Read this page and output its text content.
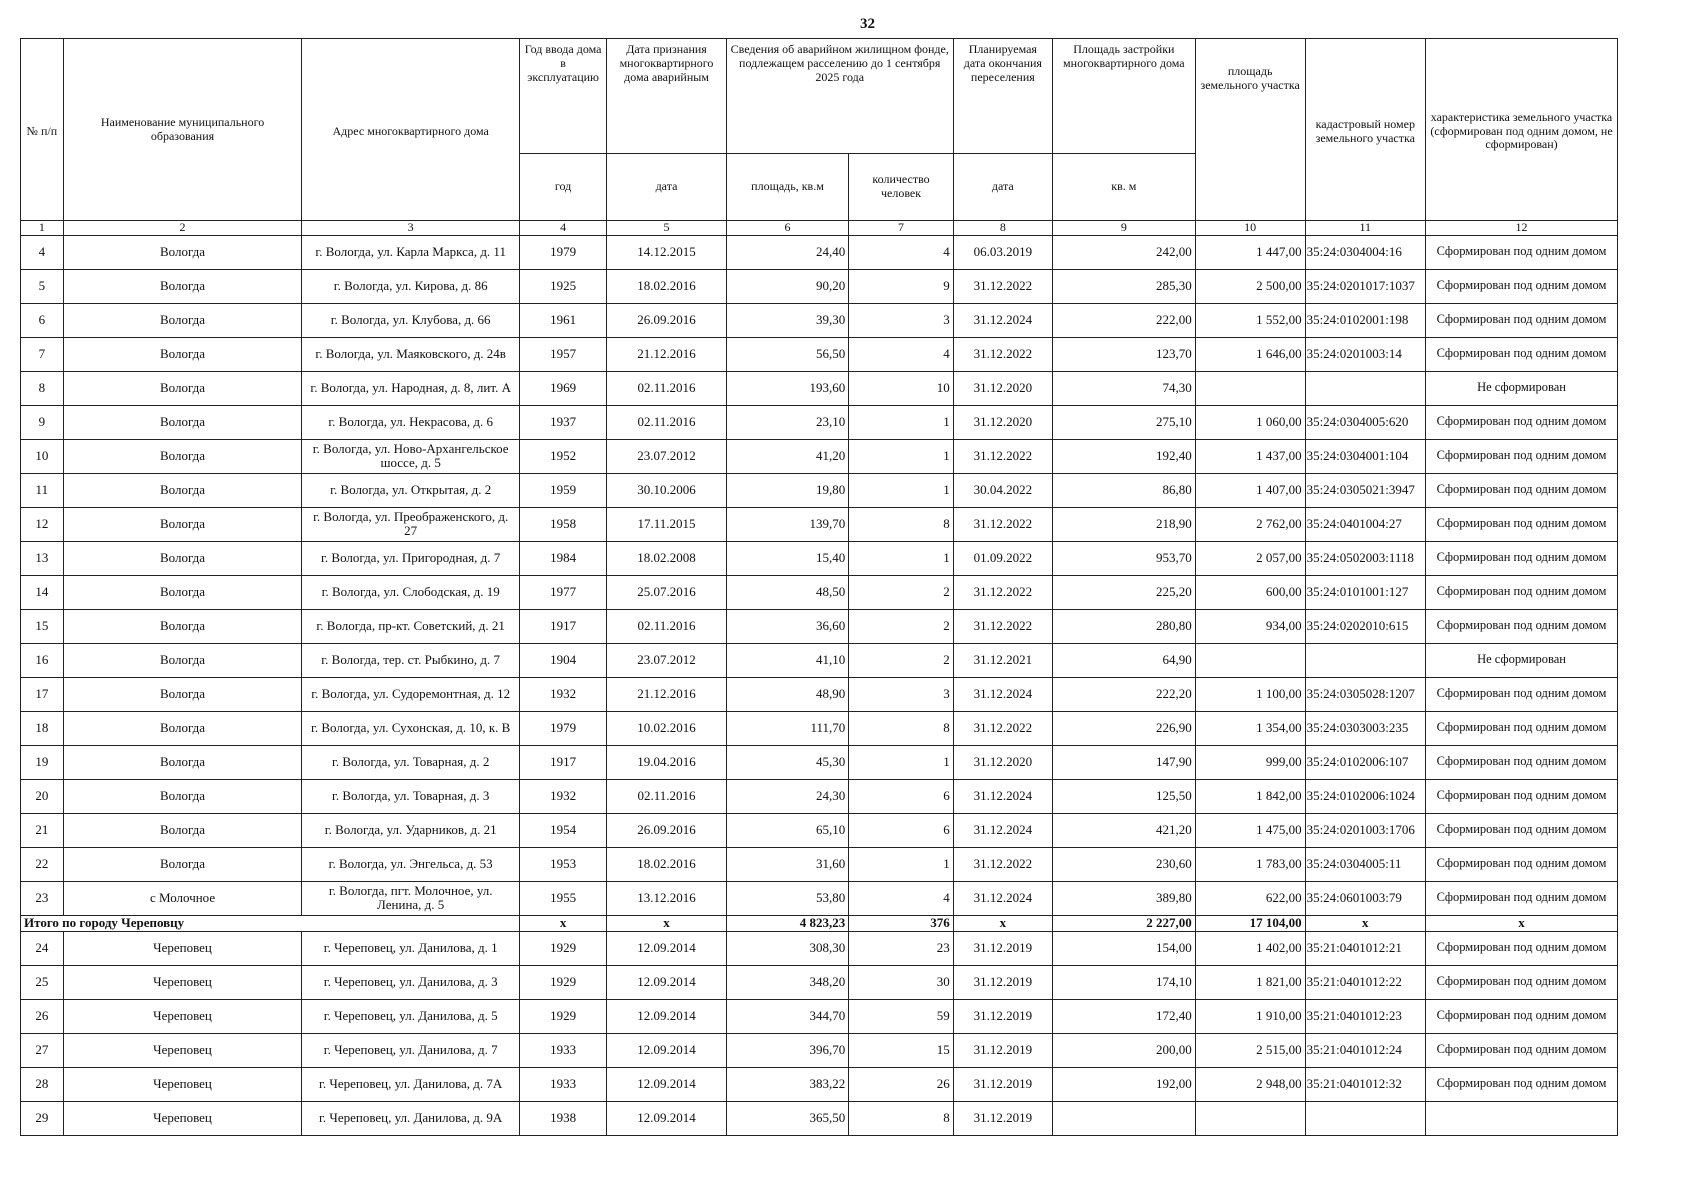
32
№ п/п	Наименование муниципального образования	Адрес многоквартирного дома	Год ввода дома в эксплуатацию	Дата признания многоквартирного дома аварийным	Сведения об аварийном жилищном фонде, подлежащем расселению до 1 сентября 2025 года		Планируемая дата окончания переселения	Площадь застройки многоквартирного дома	площадь земельного участка	кадастровый номер земельного участка	характеристика земельного участка (сформирован под одним домом, не сформирован)
			год	дата	площадь, кв.м	количество человек	дата	кв. м			
1	2	3	4	5	6	7	8	9	10	11	12
4	Вологда	г. Вологда, ул. Карла Маркса, д. 11	1979	14.12.2015	24,40	4	06.03.2019	242,00	1 447,00	35:24:0304004:16	Сформирован под одним домом
5	Вологда	г. Вологда, ул. Кирова, д. 86	1925	18.02.2016	90,20	9	31.12.2022	285,30	2 500,00	35:24:0201017:1037	Сформирован под одним домом
6	Вологда	г. Вологда, ул. Клубова, д. 66	1961	26.09.2016	39,30	3	31.12.2024	222,00	1 552,00	35:24:0102001:198	Сформирован под одним домом
7	Вологда	г. Вологда, ул. Маяковского, д. 24в	1957	21.12.2016	56,50	4	31.12.2022	123,70	1 646,00	35:24:0201003:14	Сформирован под одним домом
8	Вологда	г. Вологда, ул. Народная, д. 8, лит. А	1969	02.11.2016	193,60	10	31.12.2020	74,30			Не сформирован
9	Вологда	г. Вологда, ул. Некрасова, д. 6	1937	02.11.2016	23,10	1	31.12.2020	275,10	1 060,00	35:24:0304005:620	Сформирован под одним домом
10	Вологда	г. Вологда, ул. Ново-Архангельское шоссе, д. 5	1952	23.07.2012	41,20	1	31.12.2022	192,40	1 437,00	35:24:0304001:104	Сформирован под одним домом
11	Вологда	г. Вологда, ул. Открытая, д. 2	1959	30.10.2006	19,80	1	30.04.2022	86,80	1 407,00	35:24:0305021:3947	Сформирован под одним домом
12	Вологда	г. Вологда, ул. Преображенского, д. 27	1958	17.11.2015	139,70	8	31.12.2022	218,90	2 762,00	35:24:0401004:27	Сформирован под одним домом
13	Вологда	г. Вологда, ул. Пригородная, д. 7	1984	18.02.2008	15,40	1	01.09.2022	953,70	2 057,00	35:24:0502003:1118	Сформирован под одним домом
14	Вологда	г. Вологда, ул. Слободская, д. 19	1977	25.07.2016	48,50	2	31.12.2022	225,20	600,00	35:24:0101001:127	Сформирован под одним домом
15	Вологда	г. Вологда, пр-кт. Советский, д. 21	1917	02.11.2016	36,60	2	31.12.2022	280,80	934,00	35:24:0202010:615	Сформирован под одним домом
16	Вологда	г. Вологда, тер. ст. Рыбкино, д. 7	1904	23.07.2012	41,10	2	31.12.2021	64,90			Не сформирован
17	Вологда	г. Вологда, ул. Судоремонтная, д. 12	1932	21.12.2016	48,90	3	31.12.2024	222,20	1 100,00	35:24:0305028:1207	Сформирован под одним домом
18	Вологда	г. Вологда, ул. Сухонская, д. 10, к. В	1979	10.02.2016	111,70	8	31.12.2022	226,90	1 354,00	35:24:0303003:235	Сформирован под одним домом
19	Вологда	г. Вологда, ул. Товарная, д. 2	1917	19.04.2016	45,30	1	31.12.2020	147,90	999,00	35:24:0102006:107	Сформирован под одним домом
20	Вологда	г. Вологда, ул. Товарная, д. 3	1932	02.11.2016	24,30	6	31.12.2024	125,50	1 842,00	35:24:0102006:1024	Сформирован под одним домом
21	Вологда	г. Вологда, ул. Ударников, д. 21	1954	26.09.2016	65,10	6	31.12.2024	421,20	1 475,00	35:24:0201003:1706	Сформирован под одним домом
22	Вологда	г. Вологда, ул. Энгельса, д. 53	1953	18.02.2016	31,60	1	31.12.2022	230,60	1 783,00	35:24:0304005:11	Сформирован под одним домом
23	с Молочное	г. Вологда, пгт. Молочное, ул. Ленина, д. 5	1955	13.12.2016	53,80	4	31.12.2024	389,80	622,00	35:24:0601003:79	Сформирован под одним домом
Итого по городу Череповцу			x	x	4 823,23	376	x	2 227,00	17 104,00	x	x
24	Череповец	г. Череповец, ул. Данилова, д. 1	1929	12.09.2014	308,30	23	31.12.2019	154,00	1 402,00	35:21:0401012:21	Сформирован под одним домом
25	Череповец	г. Череповец, ул. Данилова, д. 3	1929	12.09.2014	348,20	30	31.12.2019	174,10	1 821,00	35:21:0401012:22	Сформирован под одним домом
26	Череповец	г. Череповец, ул. Данилова, д. 5	1929	12.09.2014	344,70	59	31.12.2019	172,40	1 910,00	35:21:0401012:23	Сформирован под одним домом
27	Череповец	г. Череповец, ул. Данилова, д. 7	1933	12.09.2014	396,70	15	31.12.2019	200,00	2 515,00	35:21:0401012:24	Сформирован под одним домом
28	Череповец	г. Череповец, ул. Данилова, д. 7А	1933	12.09.2014	383,22	26	31.12.2019	192,00	2 948,00	35:21:0401012:32	Сформирован под одним домом
29	Череповец	г. Череповец, ул. Данилова, д. 9А	1938	12.09.2014	365,50	8	31.12.2019				
